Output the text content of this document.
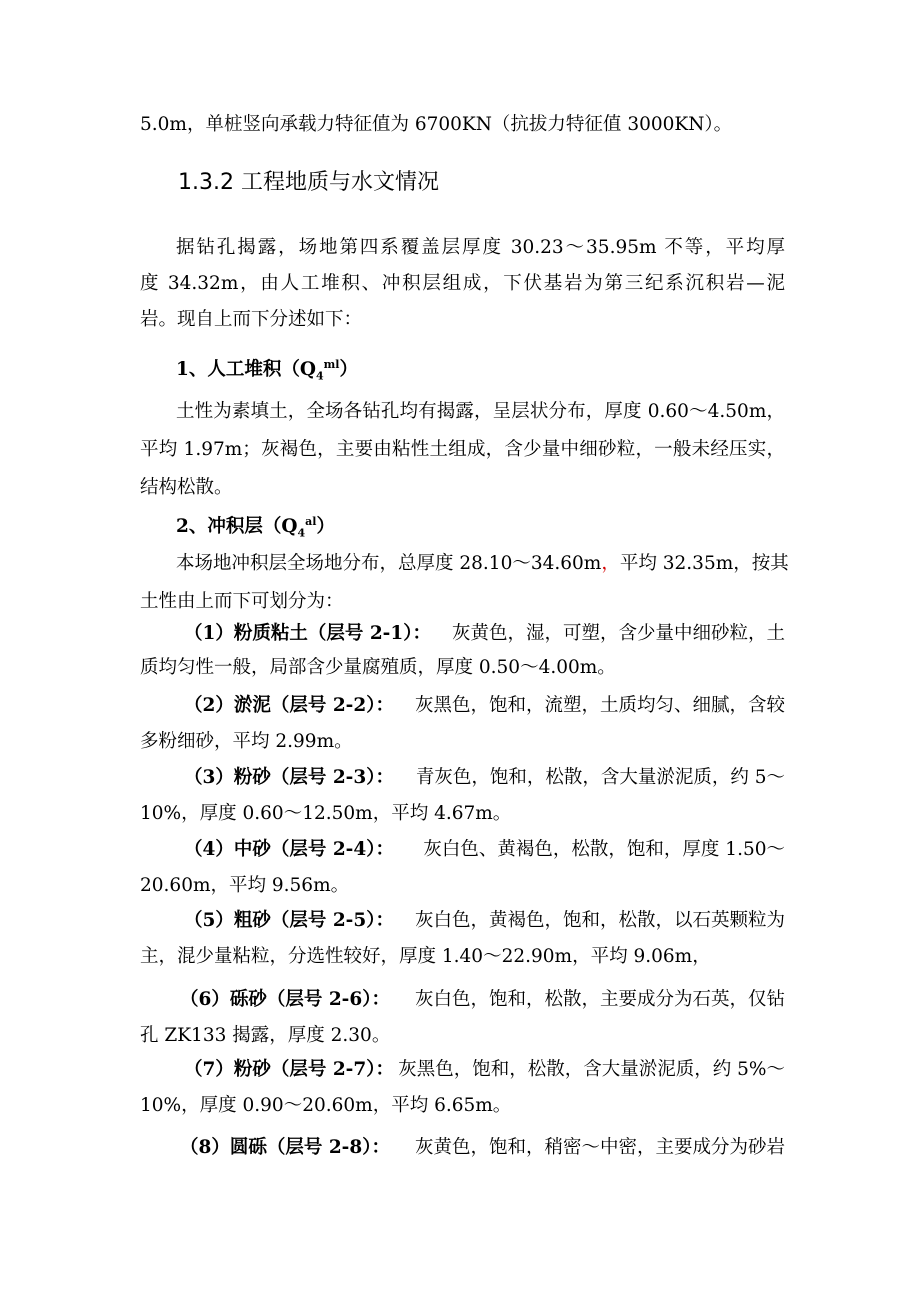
5.0m，单桩竖向承载力特征值为 6700KN（抗拔力特征值 3000KN）。
1.3.2 工程地质与水文情况
据钻孔揭露，场地第四系覆盖层厚度 30.23～35.95m 不等，平均厚
度 34.32m，由人工堆积、冲积层组成，下伏基岩为第三纪系沉积岩—泥
岩。现自上而下分述如下：
1、人工堆积$(Q_4^{ml})$
土性为素填土，全场各钻孔均有揭露，呈层状分布，厚度 0.60～4.50m，
平均 1.97m；灰褐色，主要由粘性土组成，含少量中细砂粒，一般未经压实，
结构松散。
2、冲积层$(Q_4^{al})$
本场地冲积层全场地分布，总厚度 28.10～34.60m ， 平均 32.35m，按其
土性由上而下可划分为：
（1）粉质粘土（层号 2-1）： 灰黄色，湿，可塑，含少量中细砂粒，土
质均匀性一般，局部含少量腐殖质，厚度 0.50～4.00m。
（2）淤泥（层号 2-2）： 灰黑色，饱和，流塑，土质均匀、细腻，含较
多粉细砂，平均 2.99m。
（3）粉砂（层号 2-3）： 青灰色，饱和，松散，含大量淤泥质，约 5～
10%，厚度 0.60～12.50m，平均 4.67m。
（4）中砂（层号 2-4）： 灰白色、黄褐色，松散，饱和，厚度 1.50～
20.60m，平均 9.56m。
（5）粗砂（层号 2-5）： 灰白色，黄褐色，饱和，松散，以石英颗粒为
主，混少量粘粒，分选性较好，厚度 1.40～22.90m，平均 9.06m，
（6）砾砂（层号 2-6）： 灰白色，饱和，松散，主要成分为石英，仅钻
孔 ZK133 揭露，厚度 2.30。
（7）粉砂（层号 2-7）： 灰黑色，饱和，松散，含大量淤泥质，约 5%～
10%，厚度 0.90～20.60m，平均 6.65m。
（8）圆砾（层号 2-8）： 灰黄色，饱和，稍密～中密，主要成分为砂岩
